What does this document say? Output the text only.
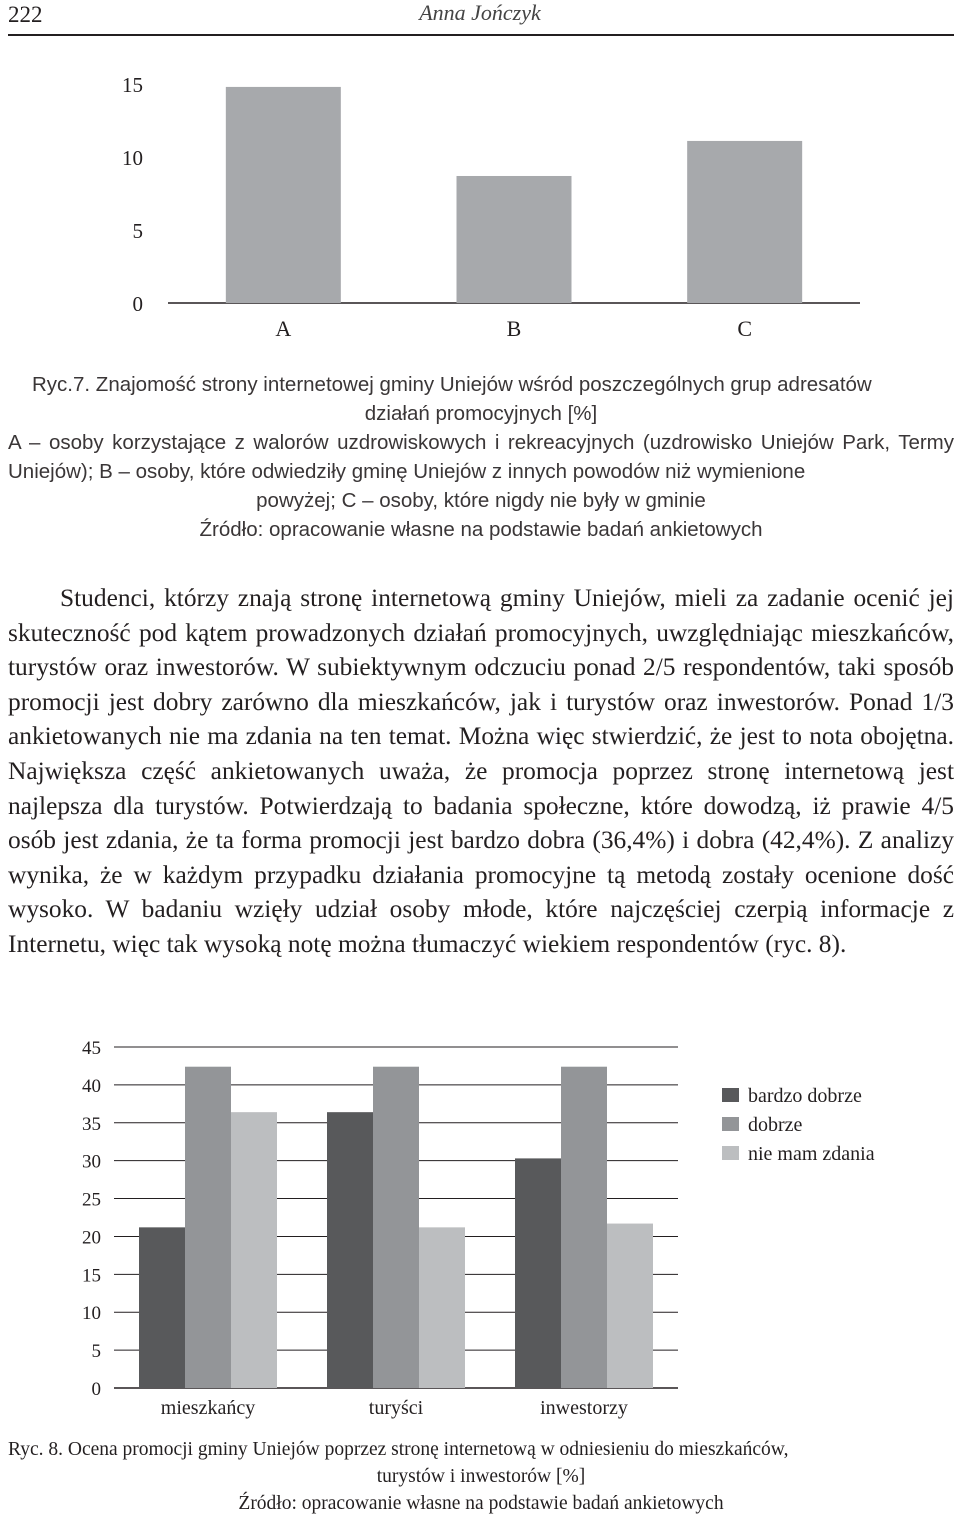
222	Anna Jończyk
0
5
10
15
A	B	C

Ryc.7. Znajomość strony internetowej gminy Uniejów wśród poszczególnych grup adresatów

działań promocyjnych [%]

A – osoby korzystające z walorów uzdrowiskowych i rekreacyjnych (uzdrowisko Uniejów Park, Termy Uniejów); B – osoby, które odwiedziły gminę Uniejów z innych powodów niż wymienione

powyżej; C – osoby, które nigdy nie były w gminie

Źródło: opracowanie własne na podstawie badań ankietowych

Studenci, którzy znają stronę internetową gminy Uniejów, mieli za zadanie ocenić jej skuteczność pod kątem prowadzonych działań promocyjnych, uwzględniając mieszkańców, turystów oraz inwestorów. W subiektywnym odczuciu ponad 2/5 respondentów, taki sposób promocji jest dobry zarówno dla mieszkańców, jak i turystów oraz inwestorów. Ponad 1/3 ankietowanych nie ma zdania na ten temat. Można więc stwierdzić, że jest to nota obojętna. Największa część ankietowanych uważa, że promocja poprzez stronę internetową jest najlepsza dla turystów. Potwierdzają to badania społeczne, które dowodzą, iż prawie 4/5 osób jest zdania, że ta forma promocji jest bardzo dobra (36,4%) i dobra (42,4%). Z analizy wynika, że w każdym przypadku działania promocyjne tą metodą zostały ocenione dość wysoko. W badaniu wzięły udział osoby młode, które najczęściej czerpią informacje z Internetu, więc tak wysoką notę można tłumaczyć wiekiem respondentów (ryc. 8).

0
5
10
15
20
25
30
35
40
45
mieszkańcy	turyści	inwestorzy
bardzo dobrze
dobrze
nie mam zdania

Ryc. 8. Ocena promocji gminy Uniejów poprzez stronę internetową w odniesieniu do mieszkańców,

turystów i inwestorów [%]

Źródło: opracowanie własne na podstawie badań ankietowych
